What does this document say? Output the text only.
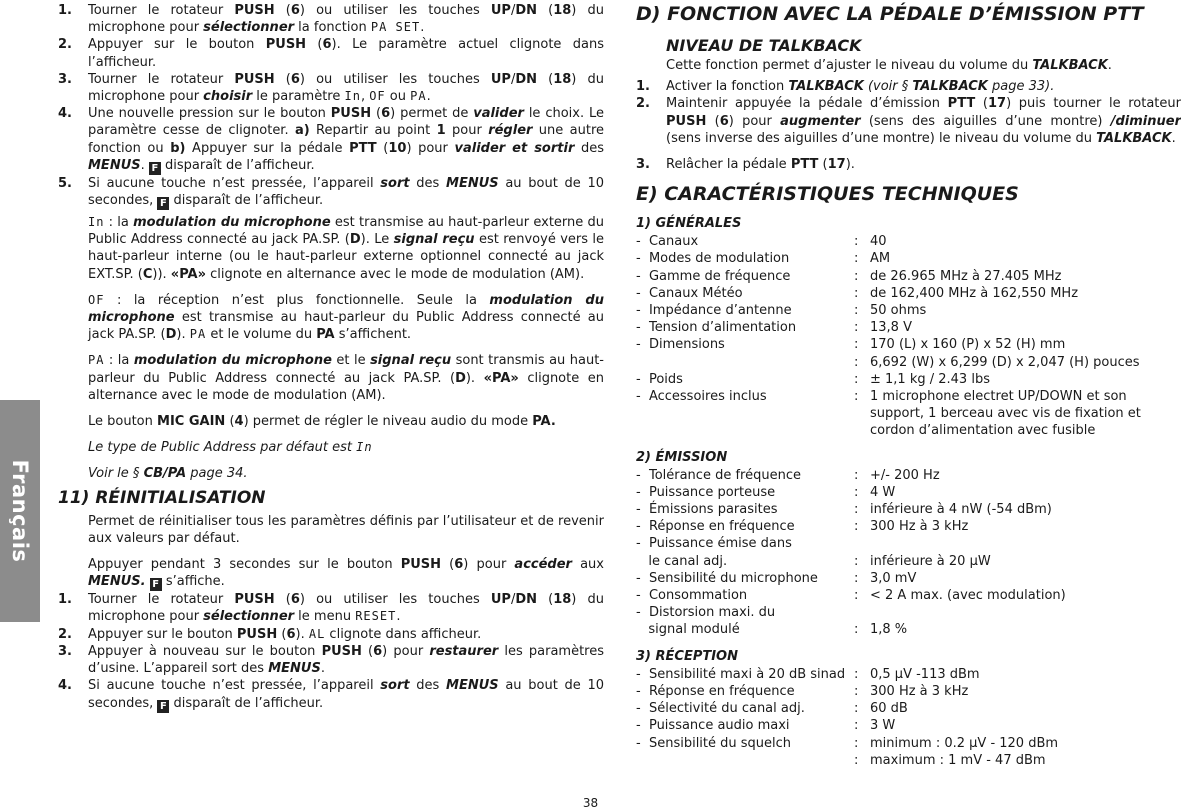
Français
1.	Tourner le rotateur PUSH (6) ou utiliser les touches UP/DN (18) du microphone pour sélectionner la fonction PA SET.
2.	Appuyer sur le bouton PUSH (6). Le paramètre actuel clignote dans l’afficheur.
3.	Tourner le rotateur PUSH (6) ou utiliser les touches UP/DN (18) du microphone pour choisir le paramètre In, OF ou PA.
4.	Une nouvelle pression sur le bouton PUSH (6) permet de valider le choix. Le paramètre cesse de clignoter. a) Repartir au point 1 pour régler une autre fonction ou b) Appuyer sur la pédale PTT (10) pour valider et sortir des MENUS. F disparaît de l’afficheur.
5.	Si aucune touche n’est pressée, l’appareil sort des MENUS au bout de 10 secondes, F disparaît de l’afficheur.
In : la modulation du microphone est transmise au haut-parleur externe du Public Address connecté au jack PA.SP. (D). Le signal reçu est renvoyé vers le haut-parleur interne (ou le haut-parleur externe optionnel connecté au jack EXT.SP. (C)). «PA» clignote en alternance avec le mode de modulation (AM).
OF : la réception n’est plus fonctionnelle. Seule la modulation du microphone est transmise au haut-parleur du Public Address connecté au jack PA.SP. (D). PA et le volume du PA s’affichent.
PA : la modulation du microphone et le signal reçu sont transmis au haut-parleur du Public Address connecté au jack PA.SP. (D). «PA» clignote en alternance avec le mode de modulation (AM).
Le bouton MIC GAIN (4) permet de régler le niveau audio du mode PA.
Le type de Public Address par défaut est In
Voir le § CB/PA page 34.
11) RÉINITIALISATION
Permet de réinitialiser tous les paramètres définis par l’utilisateur et de revenir aux valeurs par défaut.
Appuyer pendant 3 secondes sur le bouton PUSH (6) pour accéder aux MENUS. F s’affiche.
1.	Tourner le rotateur PUSH (6) ou utiliser les touches UP/DN (18) du microphone pour sélectionner le menu RESET.
2.	Appuyer sur le bouton PUSH (6). AL clignote dans afficheur.
3.	Appuyer à nouveau sur le bouton PUSH (6) pour restaurer les paramètres d’usine. L’appareil sort des MENUS.
4.	Si aucune touche n’est pressée, l’appareil sort des MENUS au bout de 10 secondes, F disparaît de l’afficheur.
D) FONCTION AVEC LA PÉDALE D’ÉMISSION PTT
NIVEAU DE TALKBACK
Cette fonction permet d’ajuster le niveau du volume du TALKBACK.
1.	Activer la fonction TALKBACK (voir § TALKBACK page 33).
2.	Maintenir appuyée la pédale d’émission PTT (17) puis tourner le rotateur PUSH (6) pour augmenter (sens des aiguilles d’une montre) /diminuer (sens inverse des aiguilles d’une montre) le niveau du volume du TALKBACK.
3.	Relâcher la pédale PTT (17).
E) CARACTÉRISTIQUES TECHNIQUES
1) GÉNÉRALES
-  Canaux	: 40
-  Modes de modulation	: AM
-  Gamme de fréquence	: de 26.965 MHz à 27.405 MHz
-  Canaux Météo	: de 162,400 MHz à 162,550 MHz
-  Impédance d’antenne	: 50 ohms
-  Tension d’alimentation	: 13,8 V
-  Dimensions	: 170 (L) x 160 (P) x 52 (H) mm
: 6,692 (W) x 6,299 (D) x 2,047 (H) pouces
-  Poids	: ± 1,1 kg / 2.43 lbs
-  Accessoires inclus	: 1 microphone electret UP/DOWN et son support, 1 berceau avec vis de fixation et cordon d’alimentation avec fusible
2) ÉMISSION
-  Tolérance de fréquence	: +/- 200 Hz
-  Puissance porteuse	: 4 W
-  Émissions parasites	: inférieure à 4 nW (-54 dBm)
-  Réponse en fréquence	: 300 Hz à 3 kHz
-  Puissance émise dans
le canal adj.	: inférieure à 20 µW
-  Sensibilité du microphone	: 3,0 mV
-  Consommation	: < 2 A max. (avec modulation)
-  Distorsion maxi. du
signal modulé	: 1,8 %
3) RÉCEPTION
-  Sensibilité maxi à 20 dB sinad : 0,5 µV -113 dBm
-  Réponse en fréquence	: 300 Hz à 3 kHz
-  Sélectivité du canal adj.	: 60 dB
-  Puissance audio maxi	: 3 W
-  Sensibilité du squelch	: minimum : 0.2 µV - 120 dBm
: maximum : 1 mV - 47 dBm
38
